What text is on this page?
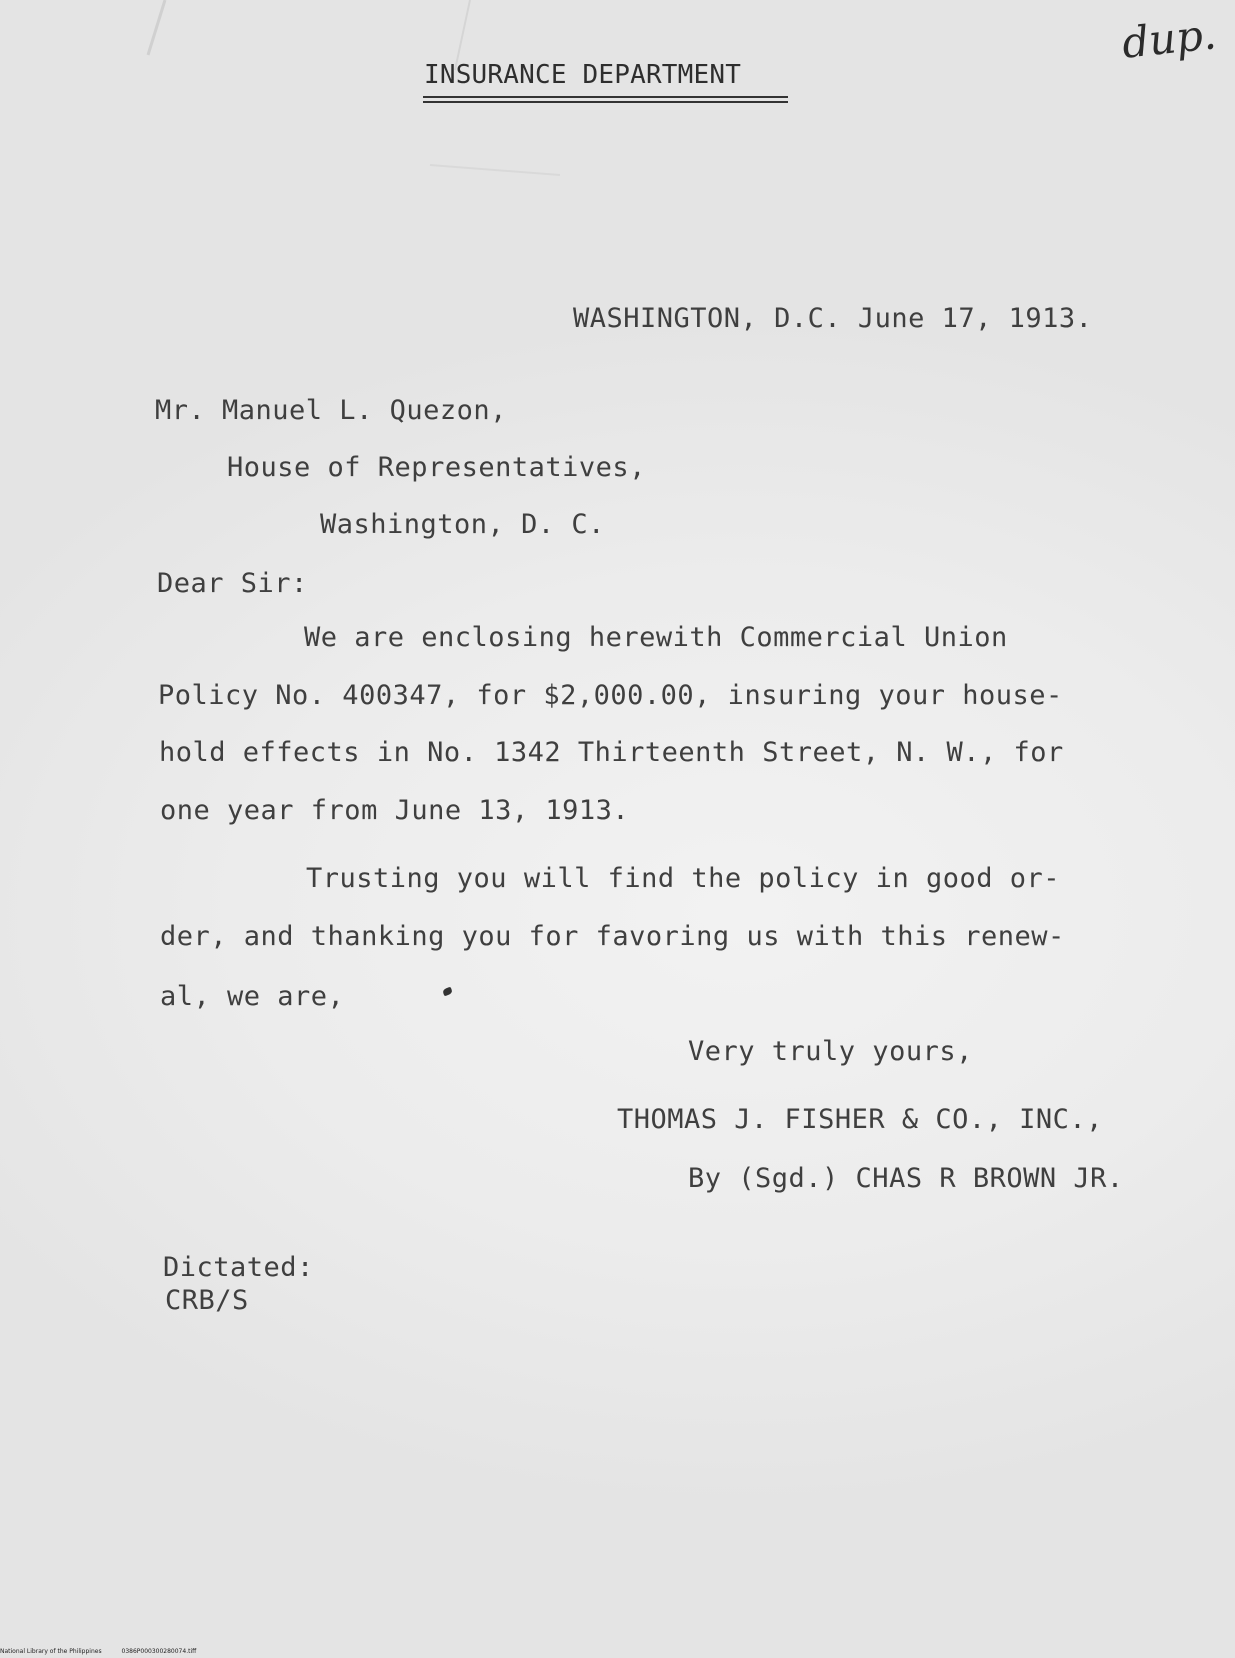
dup.
INSURANCE DEPARTMENT
WASHINGTON, D.C. June 17, 1913.
Mr. Manuel L. Quezon,
House of Representatives,
Washington, D. C.
Dear Sir:
We are enclosing herewith Commercial Union
Policy No. 400347, for $2,000.00, insuring your house-
hold effects in No. 1342 Thirteenth Street, N. W., for
one year from June 13, 1913.
Trusting you will find the policy in good or-
der, and thanking you for favoring us with this renew-
al, we are,
Very truly yours,
THOMAS J. FISHER & CO., INC.,
By (Sgd.) CHAS R BROWN JR.
Dictated:
CRB/S
National Library of the Philippines	0386P000300280074.tiff
